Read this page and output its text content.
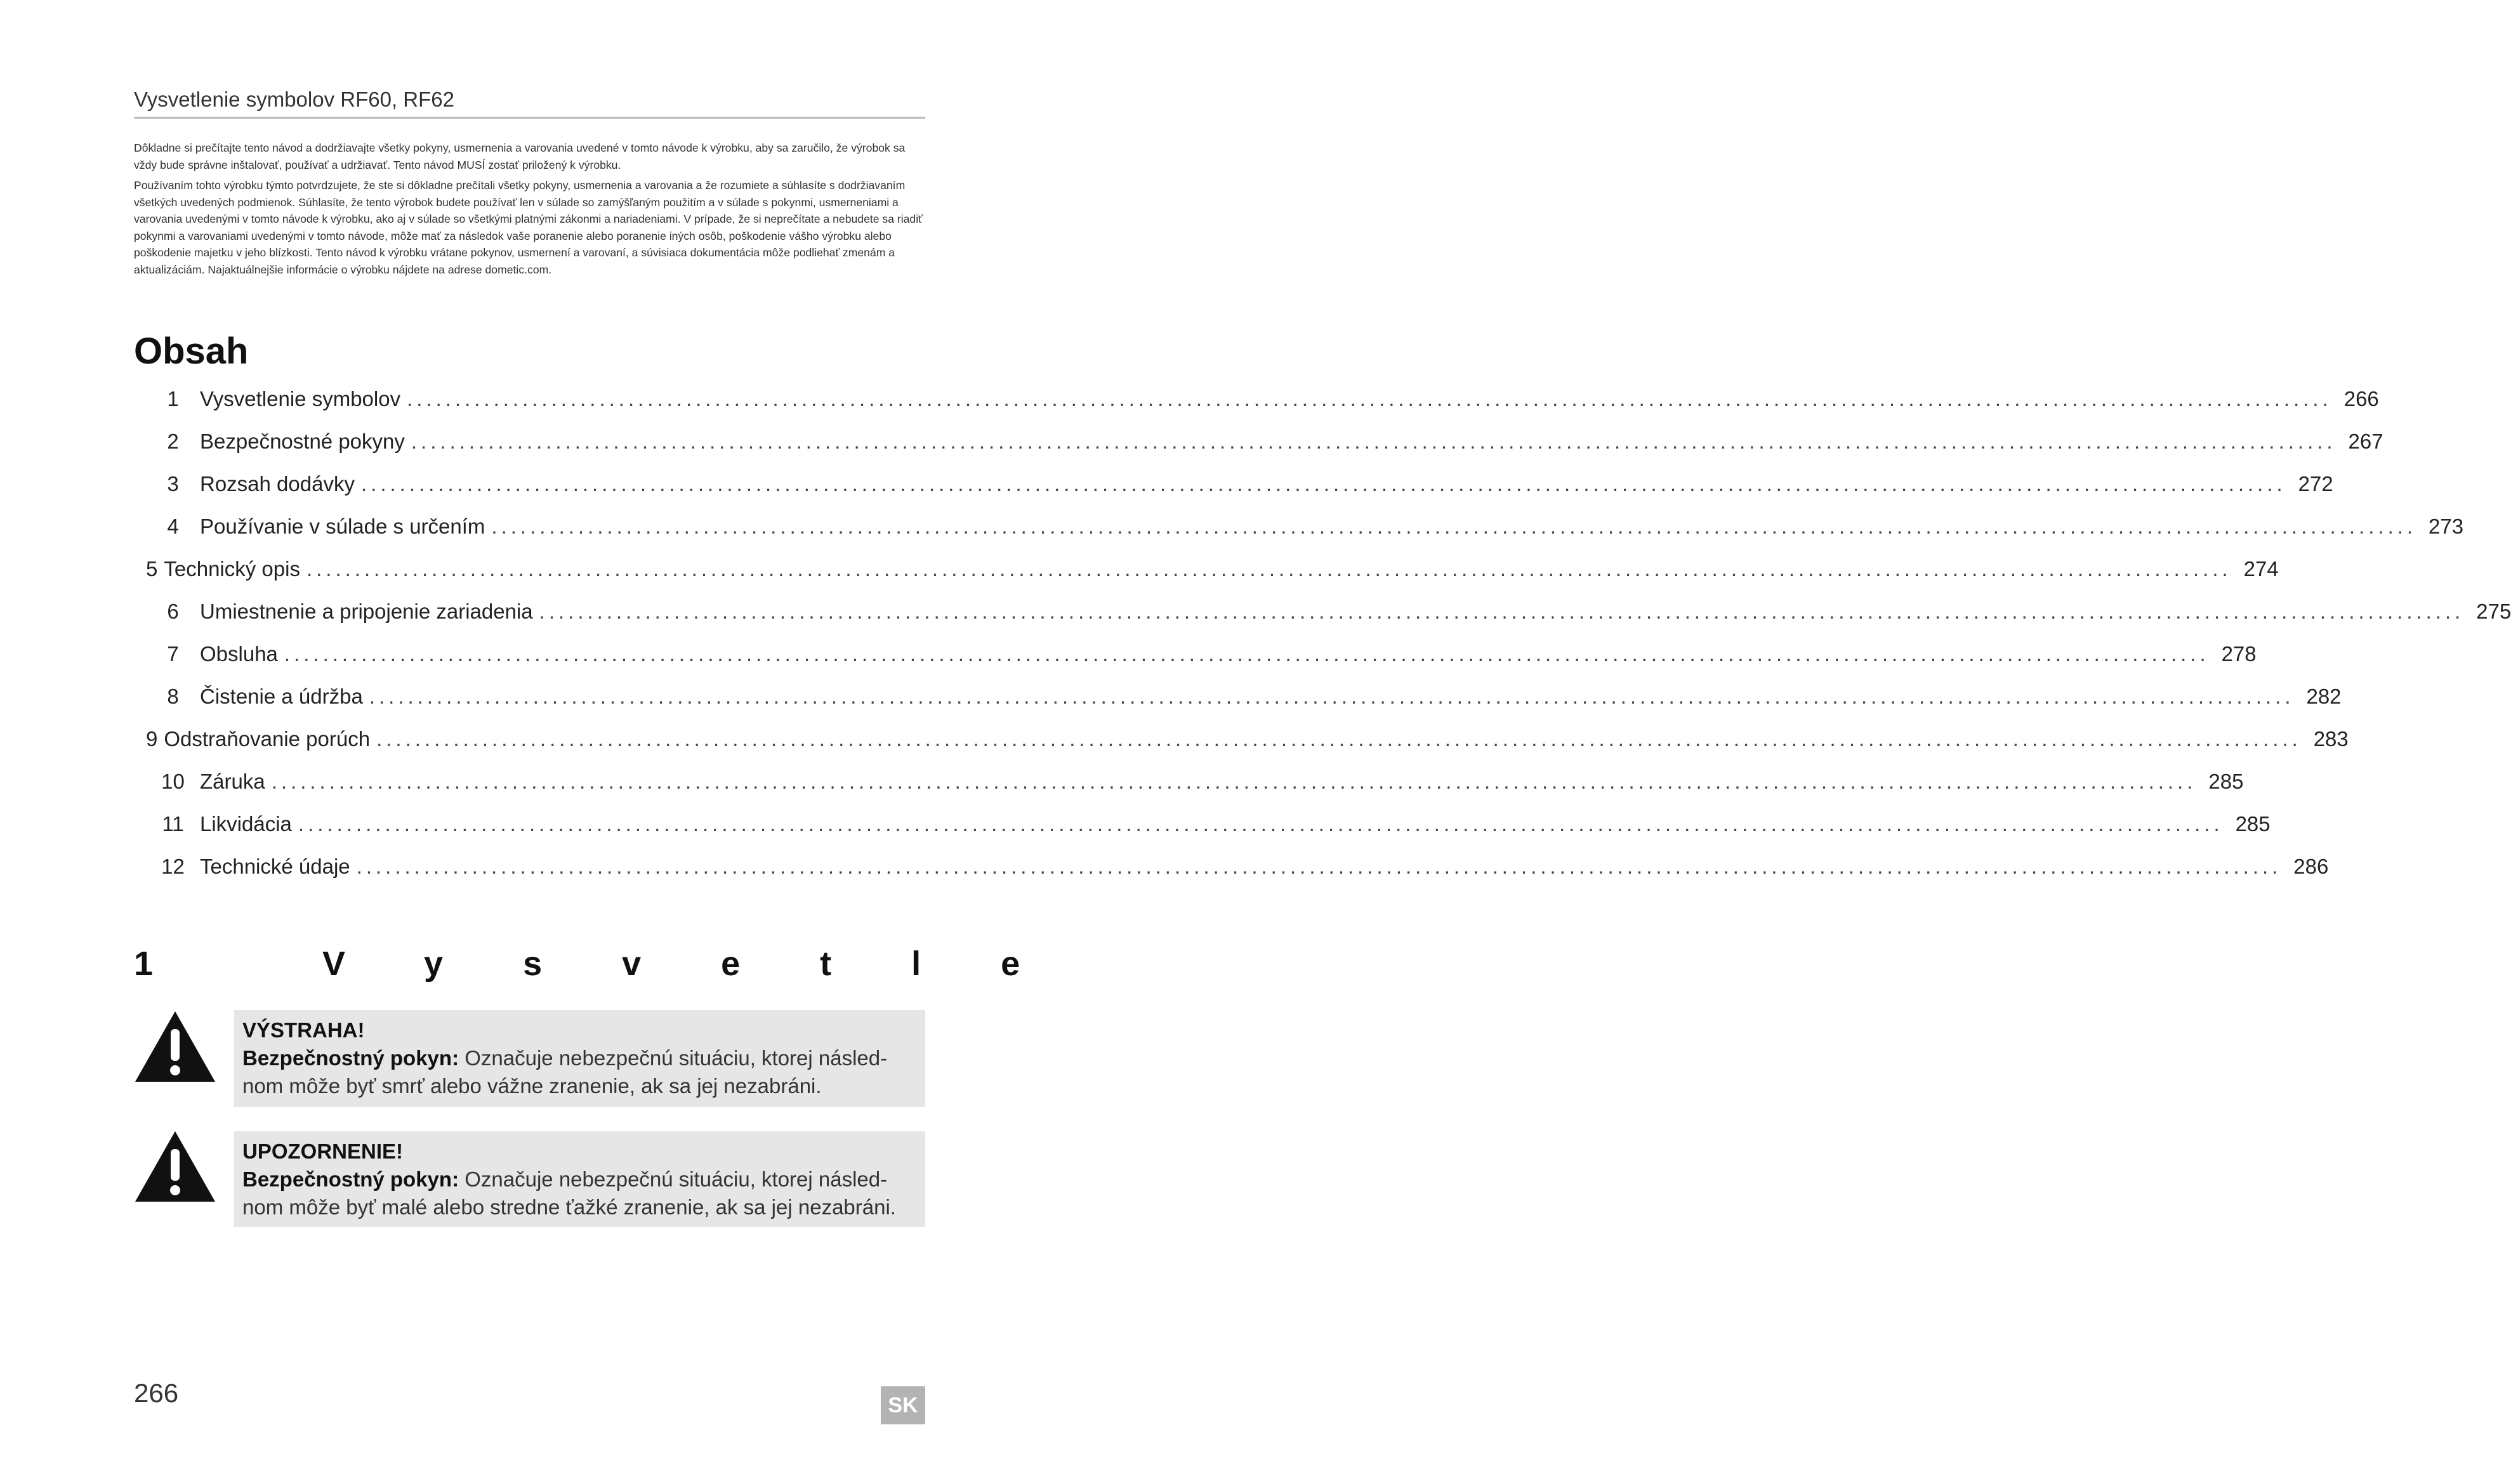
Vysvetlenie symbolov RF60, RF62

Dôkladne si prečítajte tento návod a dodržiavajte všetky pokyny, usmernenia a varovania uvedené v tomto návode k výrobku, aby sa zaručilo, že výrobok sa vždy bude správne inštalovať, používať a udržiavať. Tento návod MUSÍ zostať priložený k výrobku.

Používaním tohto výrobku týmto potvrdzujete, že ste si dôkladne prečítali všetky pokyny, usmernenia a varovania a že rozumiete a súhlasíte s dodržiavaním všetkých uvedených podmienok. Súhlasíte, že tento výrobok budete používať len v súlade so zamýšľaným použitím a v súlade s pokynmi, usmerneniami a varovania uvedenými v tomto návode k výrobku, ako aj v súlade so všetkými platnými zákonmi a nariadeniami. V prípade, že si neprečítate a nebudete sa riadiť pokynmi a varovaniami uvedenými v tomto návode, môže mať za následok vaše poranenie alebo poranenie iných osôb, poškodenie vášho výrobku alebo poškodenie majetku v jeho blízkosti. Tento návod k výrobku vrátane pokynov, usmernení a varovaní, a súvisiaca dokumentácia môže podliehať zmenám a aktualizáciám. Najaktuálnejšie informácie o výrobku nájdete na adrese dometic.com.

Obsah
1	Vysvetlenie symbolov ........................................................................................................................................................................................................ 266
2	Bezpečnostné pokyny ........................................................................................................................................................................................................ 267
3	Rozsah dodávky ........................................................................................................................................................................................................ 272
4	Používanie v súlade s určením ........................................................................................................................................................................................................ 273
5 Technický opis ........................................................................................................................................................................................................ 274
6	Umiestnenie a pripojenie zariadenia ........................................................................................................................................................................................................ 275
7	Obsluha ........................................................................................................................................................................................................ 278
8	Čistenie a údržba ........................................................................................................................................................................................................ 282
9 Odstraňovanie porúch ........................................................................................................................................................................................................ 283
10 Záruka ........................................................................................................................................................................................................ 285
11 Likvidácia ........................................................................................................................................................................................................ 285
12 Technické údaje ........................................................................................................................................................................................................ 286
1 Vysvetle
VÝSTRAHA!
Bezpečnostný pokyn: Označuje nebezpečnú situáciu, ktorej násled- nom môže byť smrť alebo vážne zranenie, ak sa jej nezabráni.
UPOZORNENIE!
Bezpečnostný pokyn: Označuje nebezpečnú situáciu, ktorej násled- nom môže byť malé alebo stredne ťažké zranenie, ak sa jej nezabráni.
266	SK
